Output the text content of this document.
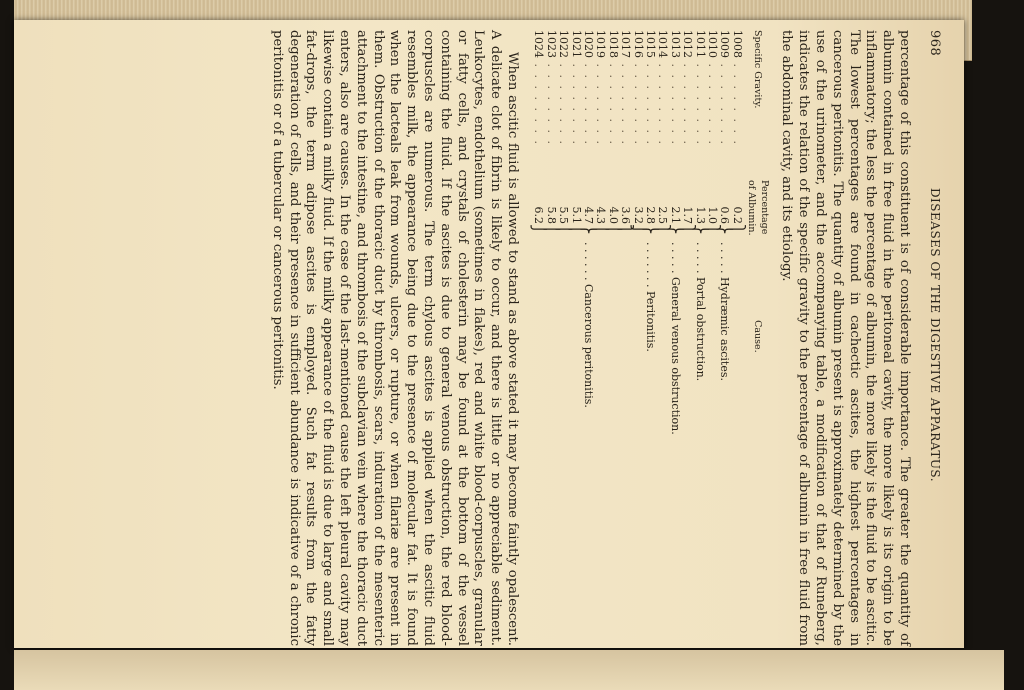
968
DISEASES OF THE DIGESTIVE APPARATUS.

percentage of this constituent is of considerable importance. The greater the quantity of albumin contained in free fluid in the peritoneal cavity, the more likely is its origin to be inflammatory; the less the percentage of albumin, the more likely is the fluid to be ascitic. The lowest percentages are found in cachectic ascites, the highest percentages in cancerous peritonitis. The quantity of albumin present is approximately determined by the use of the urinometer, and the accompanying table, a modification of that of Runeberg, indicates the relation of the specific gravity to the percentage of albumin in free fluid from the abdominal cavity, and its etiology.

Specific Gravity.	Percentage of Albumin.		Cause.
1008 . . . . . . . .	0.2	⎫	
1009 . . . . . . . .	0.6	⎬	. . . . . Hydræmic ascites.
1010 . . . . . . . .	1.0	⎫	
1011 . . . . . . . .	1.3	⎬	. . . . . Portal obstruction.
1012 . . . . . . . .	1.7	⎫	
1013 . . . . . . . .	2.1	⎬	. . . . . General venous obstruction.
1014 . . . . . . . .	2.5	⎫	
1015 . . . . . . . .	2.8	⎬	. . . . . . . Peritonitis.
1016 . . . . . . . .	3.2	⎭	
1017 . . . . . . . .	3.6	⎫	
1018 . . . . . . . .	4.0	⎪	
1019 . . . . . . . .	4.3	⎪	
1020 . . . . . . . .	4.7	⎬	. . . . . . Cancerous peritonitis.
1021 . . . . . . . .	5.1	⎪	
1022 . . . . . . . .	5.5	⎪	
1023 . . . . . . . .	5.8	⎪	
1024 . . . . . . . .	6.2	⎭	

When ascitic fluid is allowed to stand as above stated it may become faintly opalescent. A delicate clot of fibrin is likely to occur, and there is little or no appreciable sediment. Leukocytes, endothelium (sometimes in flakes), red and white blood-corpuscles, granular or fatty cells, and crystals of cholesterin may be found at the bottom of the vessel containing the fluid. If the ascites is due to general venous obstruction, the red blood-corpuscles are numerous. The term chylous ascites is applied when the ascitic fluid resembles milk, the appearance being due to the presence of molecular fat. It is found when the lacteals leak from wounds, ulcers, or rupture, or when filariæ are present in them. Obstruction of the thoracic duct by thrombosis, scars, induration of the mesenteric attachment to the intestine, and thrombosis of the subclavian vein where the thoracic duct enters, also are causes. In the case of the last-mentioned cause the left pleural cavity may likewise contain a milky fluid. If the milky appearance of the fluid is due to large and small fat-drops, the term adipose ascites is employed. Such fat results from the fatty degeneration of cells, and their presence in sufficient abundance is indicative of a chronic peritonitis or of a tubercular or cancerous peritonitis.
